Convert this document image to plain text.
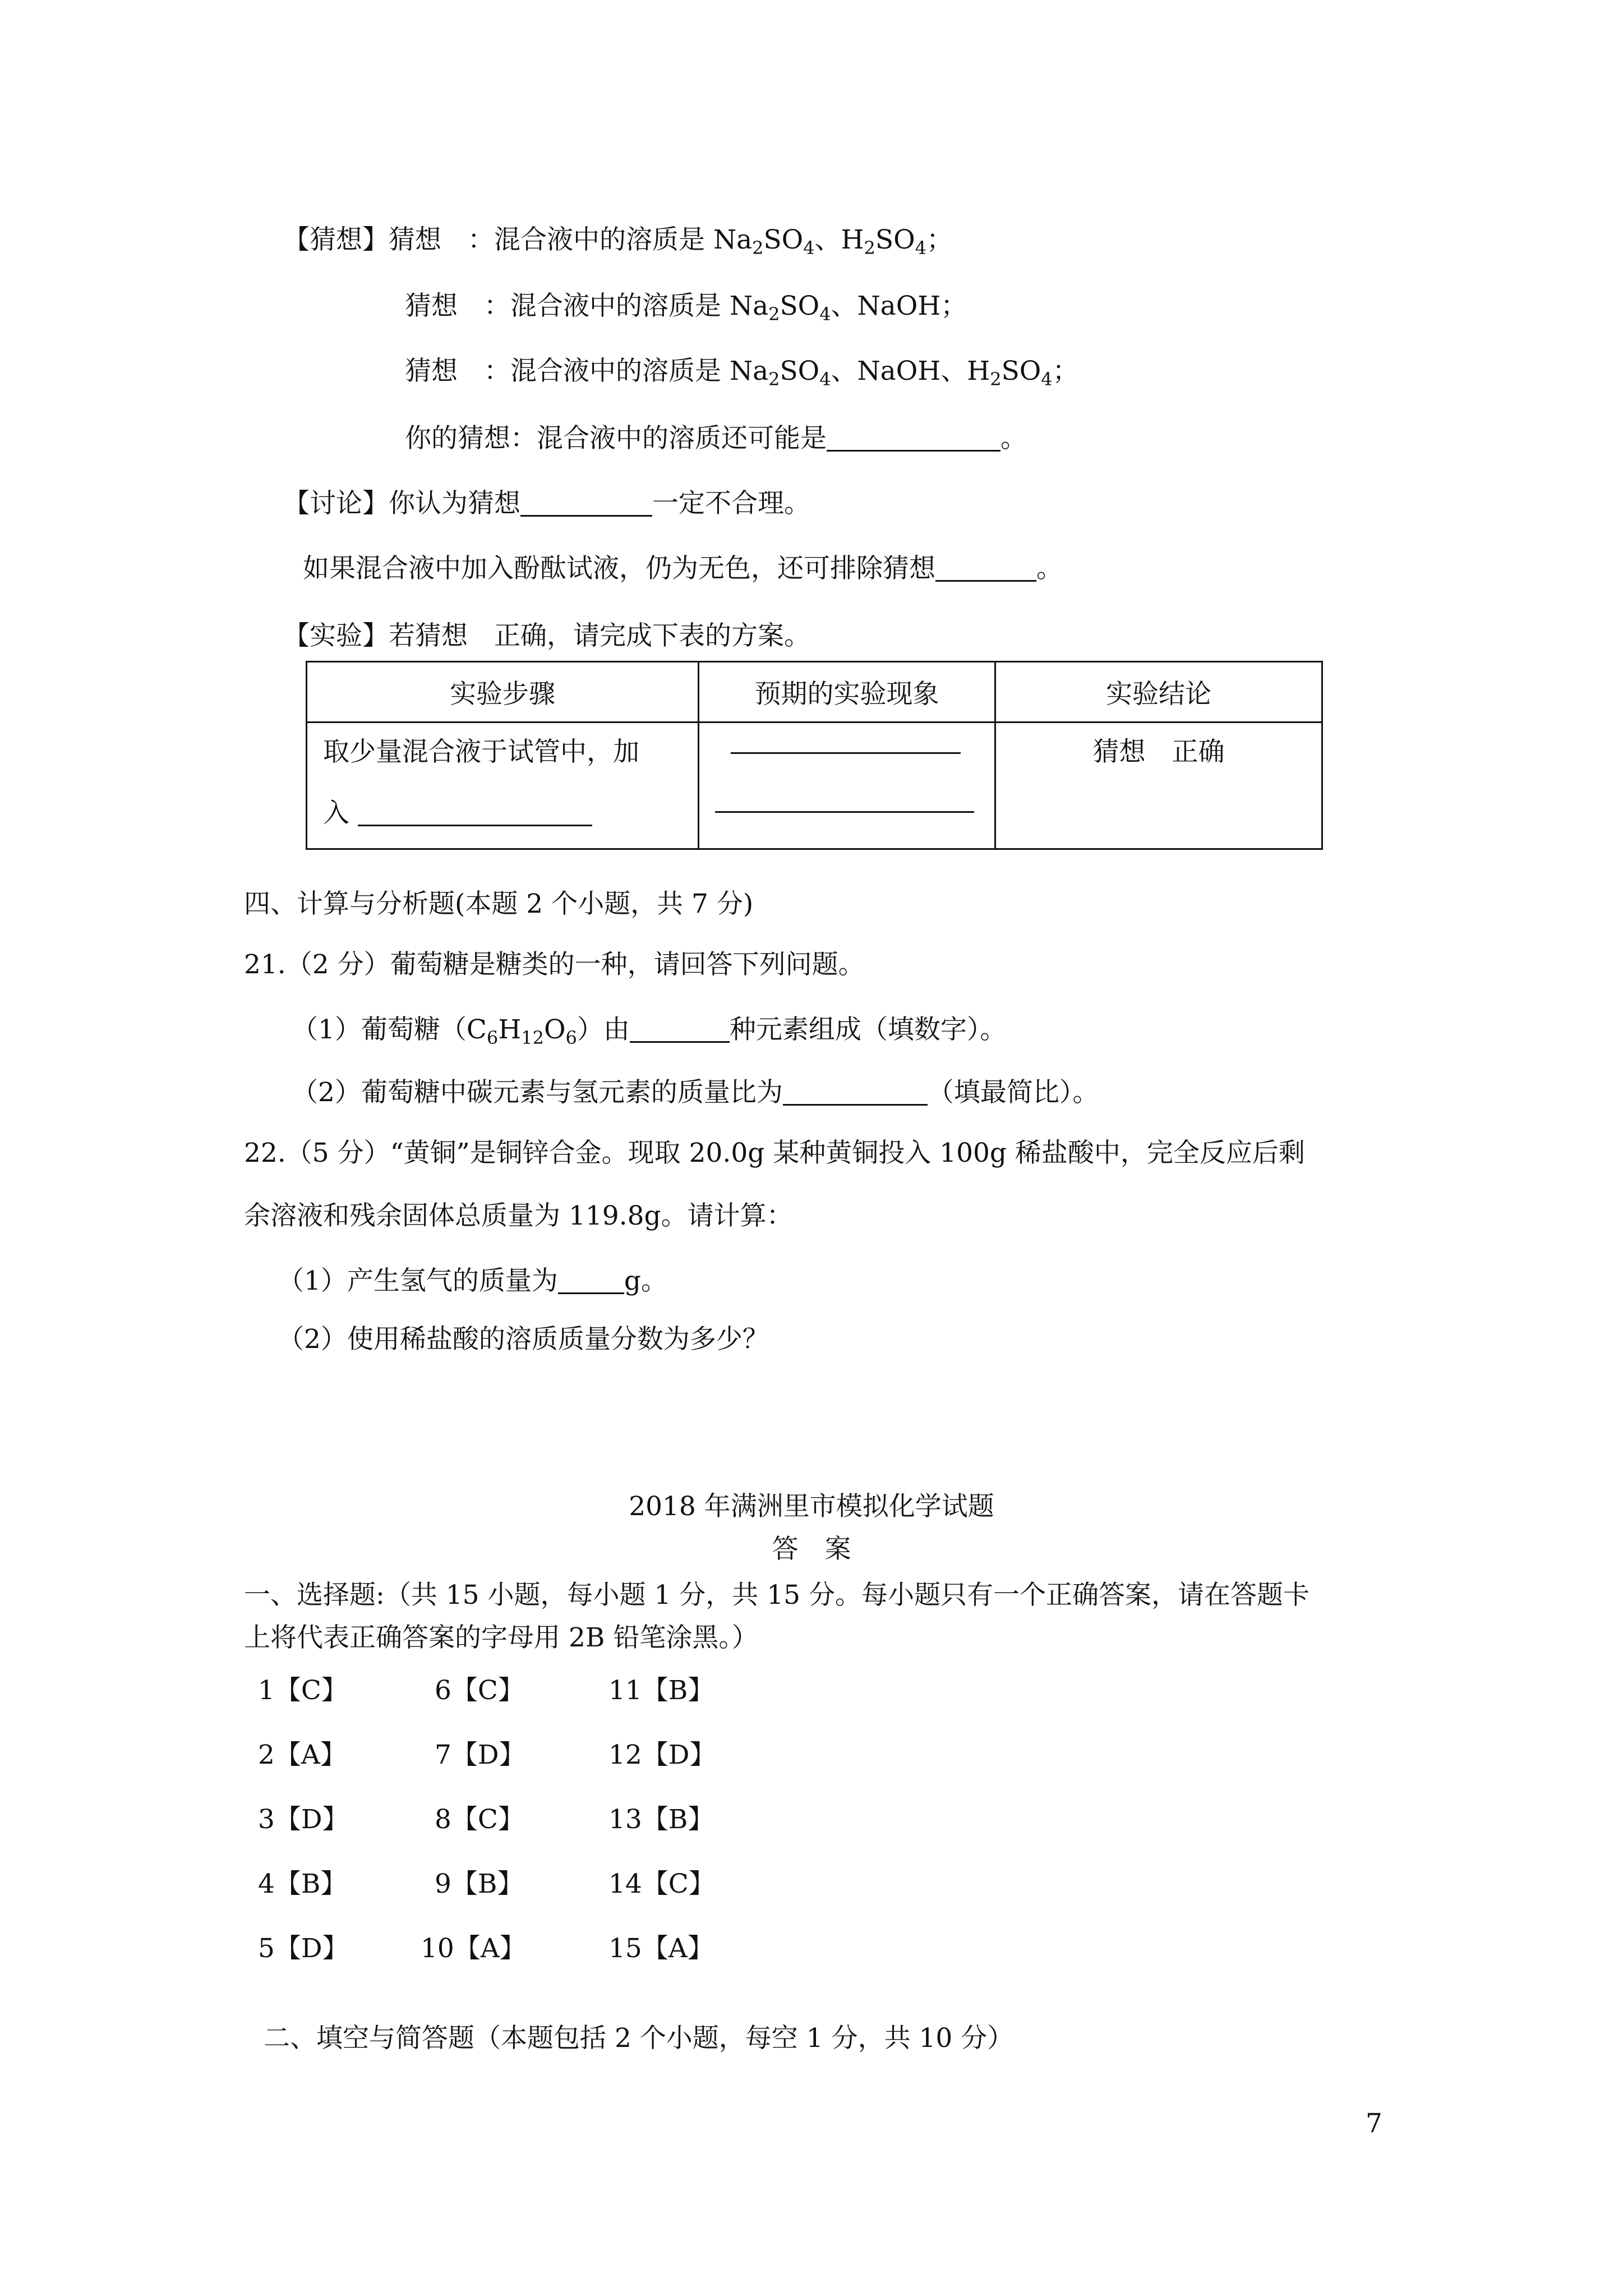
【猜想】猜想　：混合液中的溶质是 $Na_2SO_4$、$H_2SO_4$；
猜想　：混合液中的溶质是 $Na_2SO_4$、NaOH；
猜想　：混合液中的溶质是 $Na_2SO_4$、NaOH、$H_2SO_4$；
你的猜想：混合液中的溶质还可能是	。
【讨论】你认为猜想	一定不合理。
如果混合液中加入酚酞试液，仍为无色，还可排除猜想	。
【实验】若猜想　正确，请完成下表的方案。
实验步骤	预期的实验现象	实验结论

取少量混合液于试管中，加
入		猜想　正确
四、计算与分析题(本题 2 个小题，共 7 分)
21.（2 分）葡萄糖是糖类的一种，请回答下列问题。
（1）葡萄糖$(C_6H_{12}O_6)$由	种元素组成（填数字）。
（2）葡萄糖中碳元素与氢元素的质量比为	（填最简比）。
22.（5 分）“黄铜”是铜锌合金。现取 20.0g 某种黄铜投入 100g 稀盐酸中，完全反应后剩
余溶液和残余固体总质量为 119.8g。请计算：
（1）产生氢气的质量为	g。
（2）使用稀盐酸的溶质质量分数为多少？
2018 年满洲里市模拟化学试题
答　案
一、选择题:（共 15 小题，每小题 1 分，共 15 分。每小题只有一个正确答案，请在答题卡
上将代表正确答案的字母用 2B 铅笔涂黑。）
1【C】	6【C】	11【B】
2【A】	7【D】	12【D】
3【D】	8【C】	13【B】
4【B】	9【B】	14【C】
5【D】	10【A】	15【A】
二、填空与简答题（本题包括 2 个小题，每空 1 分，共 10 分）
7
